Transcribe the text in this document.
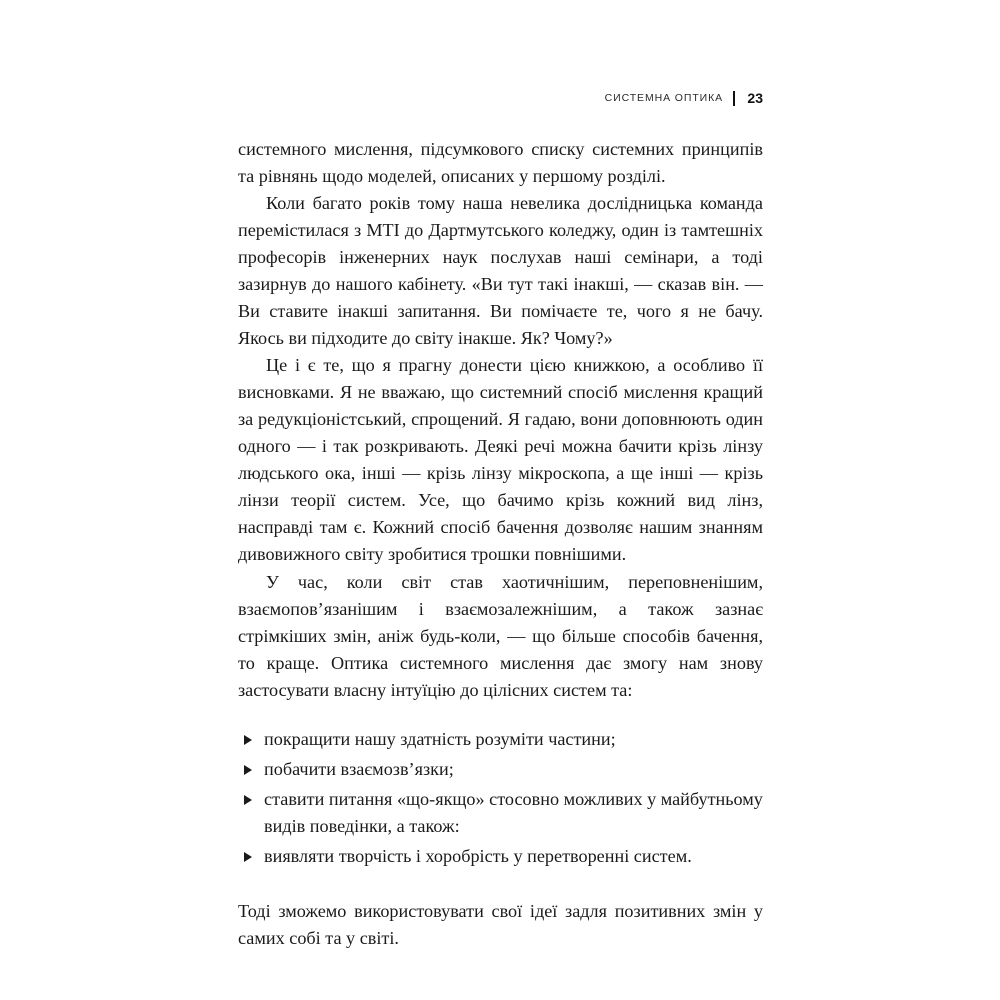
СИСТЕМНА ОПТИКА 23

системного мислення, підсумкового списку системних принципів та рівнянь щодо моделей, описаних у першому розділі.

Коли багато років тому наша невелика дослідницька команда перемістилася з МТІ до Дартмутського коледжу, один із тамтешніх професорів інженерних наук послухав наші семінари, а тоді зазирнув до нашого кабінету. «Ви тут такі інакші, — сказав він. — Ви ставите інакші запитання. Ви помічаєте те, чого я не бачу. Якось ви підходите до світу інакше. Як? Чому?»

Це і є те, що я прагну донести цією книжкою, а особливо її висновками. Я не вважаю, що системний спосіб мислення кращий за редукціоністський, спрощений. Я гадаю, вони доповнюють один одного — і так розкривають. Деякі речі можна бачити крізь лінзу людського ока, інші — крізь лінзу мікроскопа, а ще інші — крізь лінзи теорії систем. Усе, що бачимо крізь кожний вид лінз, насправді там є. Кожний спосіб бачення дозволяє нашим знанням дивовижного світу зробитися трошки повнішими.

У час, коли світ став хаотичнішим, переповненішим, взаємопов’язанішим і взаємозалежнішим, а також зазнає стрімкіших змін, аніж будь-коли, — що більше способів бачення, то краще. Оптика системного мислення дає змогу нам знову застосувати власну інтуїцію до цілісних систем та:

покращити нашу здатність розуміти частини;
побачити взаємозв’язки;
ставити питання «що-якщо» стосовно можливих у майбутньому видів поведінки, а також:
виявляти творчість і хоробрість у перетворенні систем.

Тоді зможемо використовувати свої ідеї задля позитивних змін у самих собі та у світі.
